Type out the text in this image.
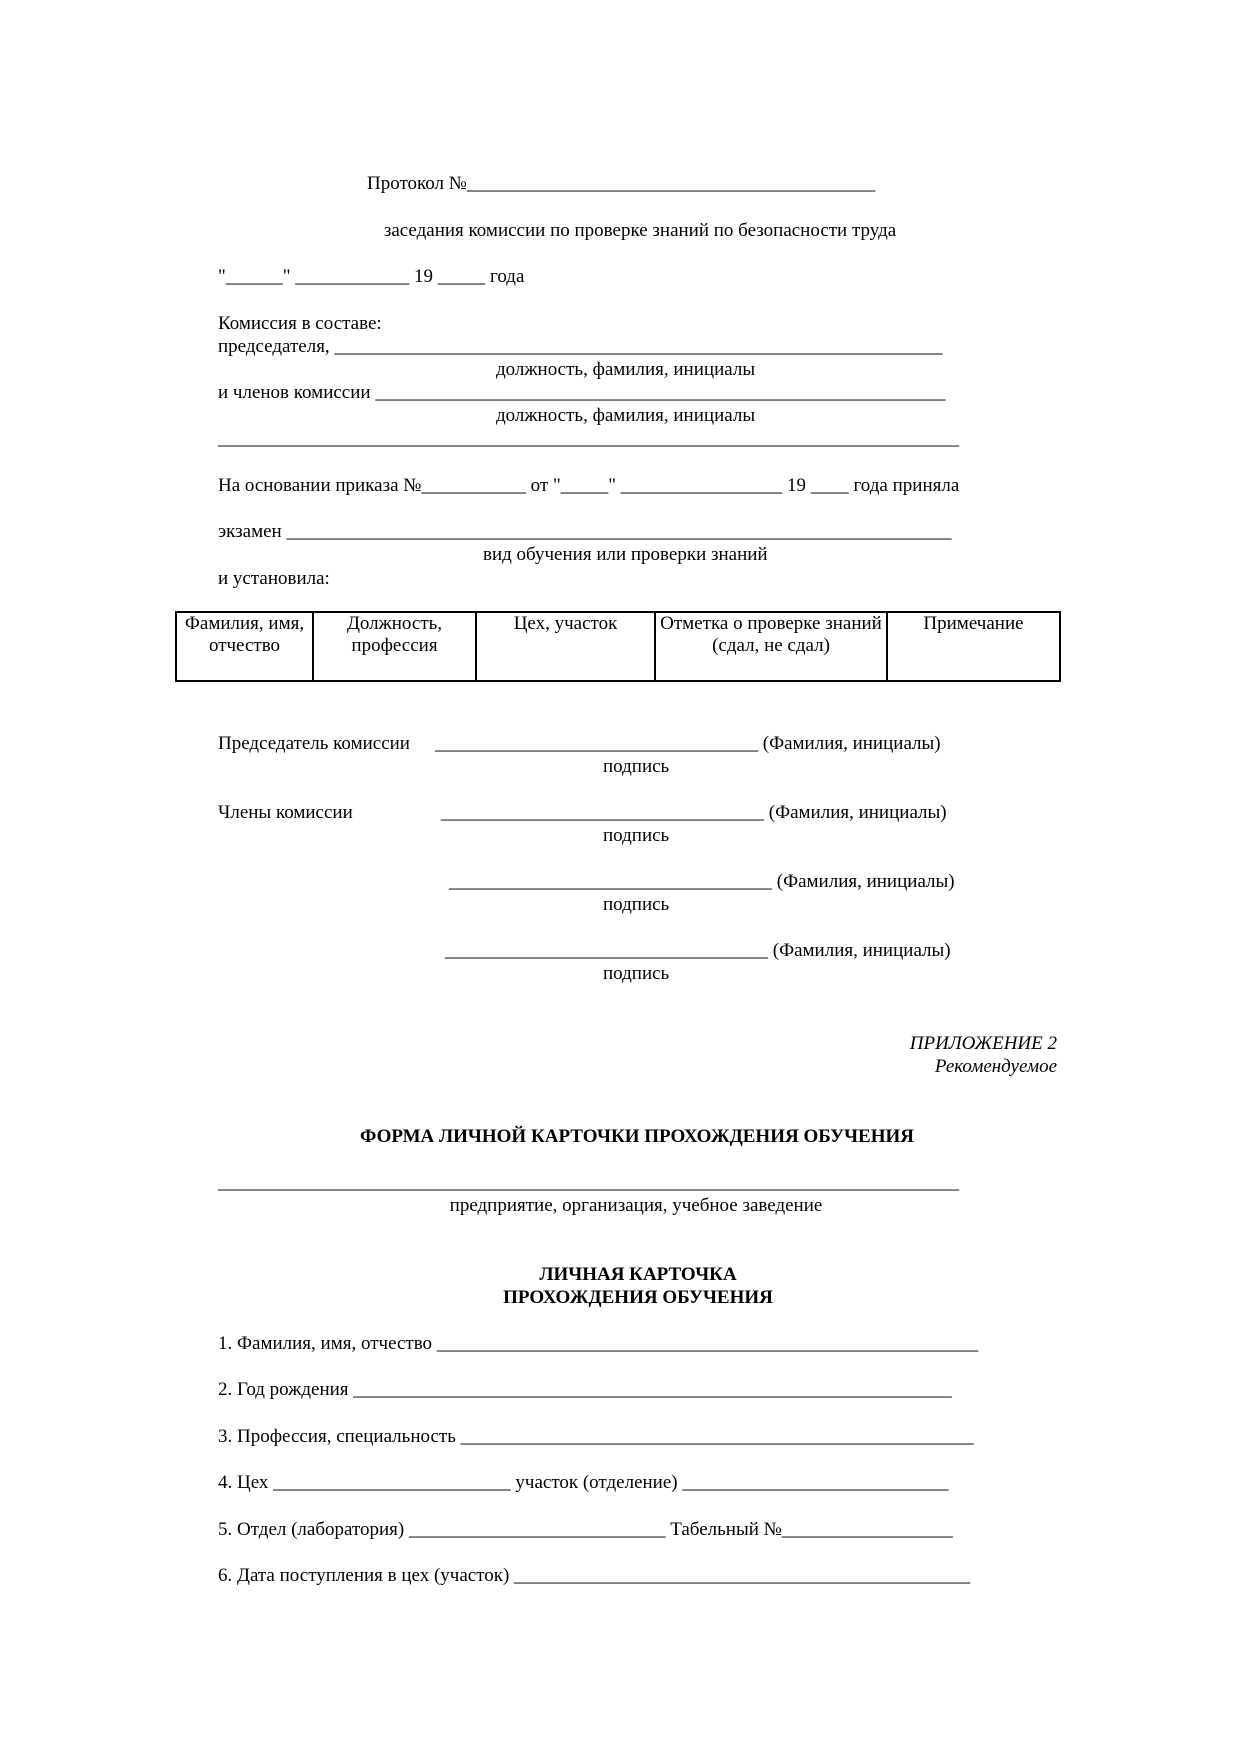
Протокол №___________________________________________
заседания комиссии по проверке знаний по безопасности труда
"______" ____________ 19 _____ года
Комиссия в составе:
председателя, ________________________________________________________________
должность, фамилия, инициалы
и членов комиссии ____________________________________________________________
должность, фамилия, инициалы
______________________________________________________________________________
На основании приказа №___________ от "_____" _________________ 19 ____ года приняла
экзамен ______________________________________________________________________
вид обучения или проверки знаний
и установила:
Фамилия, имя, отчество	Должность, профессия	Цех, участок	Отметка о проверке знаний (сдал, не сдал)	Примечание
Председатель комиссии __________________________________ (Фамилия, инициалы)
подпись
Члены комиссии	__________________________________ (Фамилия, инициалы)
подпись
__________________________________ (Фамилия, инициалы)
подпись
__________________________________ (Фамилия, инициалы)
подпись
ПРИЛОЖЕНИЕ 2
Рекомендуемое
ФОРМА ЛИЧНОЙ КАРТОЧКИ ПРОХОЖДЕНИЯ ОБУЧЕНИЯ
______________________________________________________________________________
предприятие, организация, учебное заведение
ЛИЧНАЯ КАРТОЧКА
ПРОХОЖДЕНИЯ ОБУЧЕНИЯ
1. Фамилия, имя, отчество _________________________________________________________
2. Год рождения _______________________________________________________________
3. Профессия, специальность ______________________________________________________
4. Цех _________________________ участок (отделение) ____________________________
5. Отдел (лаборатория) ___________________________ Табельный №__________________
6. Дата поступления в цех (участок) ________________________________________________
